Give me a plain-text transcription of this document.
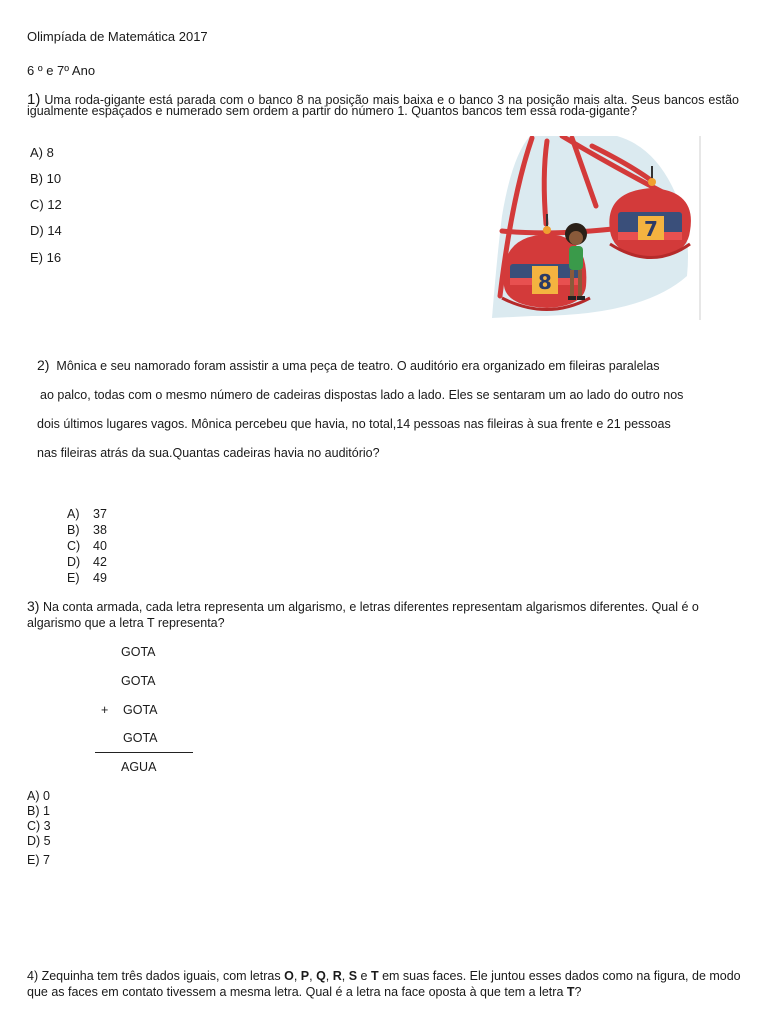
Olimpíada de Matemática 2017
6 º e 7º Ano
1) Uma roda-gigante está parada com o banco 8 na posição mais baixa e o banco 3 na posição mais alta. Seus bancos estão igualmente espaçados e numerado sem ordem a partir do número 1. Quantos bancos tem essa roda-gigante?
A) 8
B) 10
C) 12
D) 14
E) 16
7
8
2) Mônica e seu namorado foram assistir a uma peça de teatro. O auditório era organizado em fileiras paralelas
ao palco, todas com o mesmo número de cadeiras dispostas lado a lado. Eles se sentaram um ao lado do outro nos
dois últimos lugares vagos. Mônica percebeu que havia, no total,14 pessoas nas fileiras à sua frente e 21 pessoas
nas fileiras atrás da sua.Quantas cadeiras havia no auditório?
A) 37
B) 38
C) 40
D) 42
E) 49
3) Na conta armada, cada letra representa um algarismo, e letras diferentes representam algarismos diferentes. Qual é o algarismo que a letra T representa?
GOTA
GOTA
+ GOTA
GOTA
AGUA
A) 0
B) 1
C) 3
D) 5
E) 7
4) Zequinha tem três dados iguais, com letras O, P, Q, R, S e T em suas faces. Ele juntou esses dados como na figura, de modo que as faces em contato tivessem a mesma letra. Qual é a letra na face oposta à que tem a letra T?
